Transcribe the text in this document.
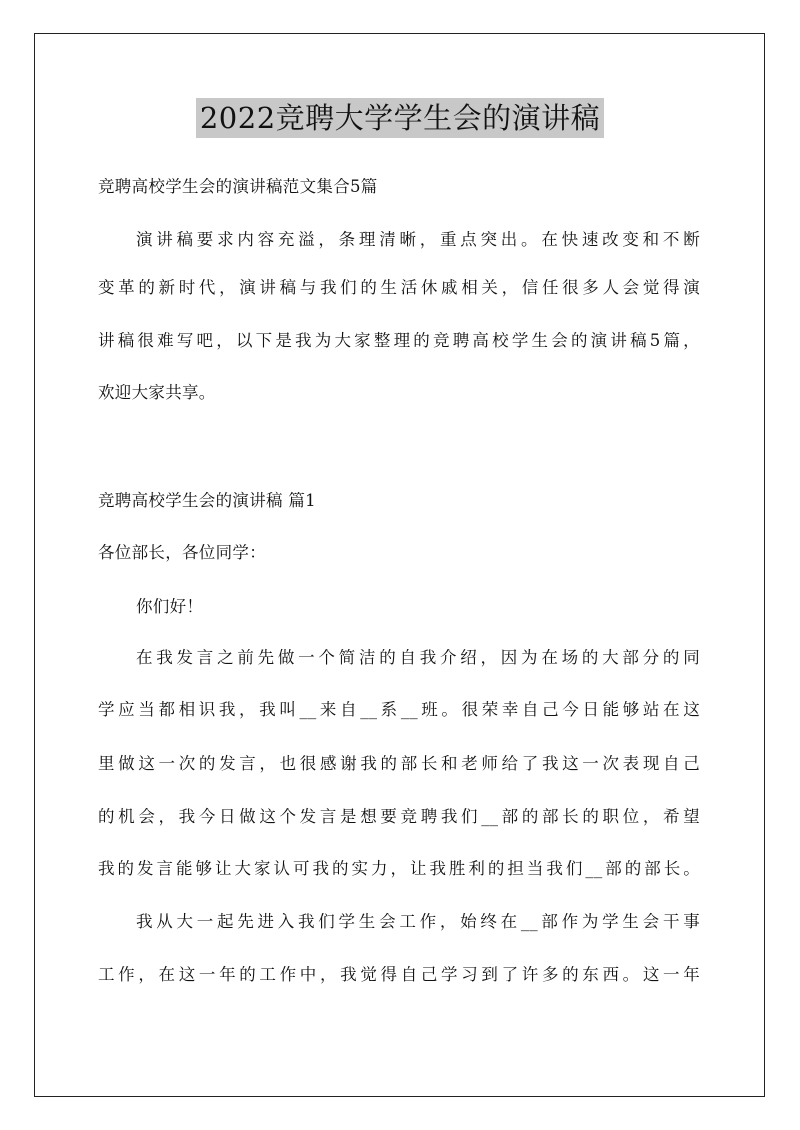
2022竞聘大学学生会的演讲稿
竞聘高校学生会的演讲稿范文集合5篇
演讲稿要求内容充溢，条理清晰，重点突出。在快速改变和不断
变革的新时代，演讲稿与我们的生活休戚相关，信任很多人会觉得演
讲稿很难写吧，以下是我为大家整理的竞聘高校学生会的演讲稿5篇，
欢迎大家共享。
竞聘高校学生会的演讲稿 篇1
各位部长，各位同学：
你们好！
在我发言之前先做一个简洁的自我介绍，因为在场的大部分的同
学应当都相识我，我叫__来自__系__班。很荣幸自己今日能够站在这
里做这一次的发言，也很感谢我的部长和老师给了我这一次表现自己
的机会，我今日做这个发言是想要竞聘我们__部的部长的职位，希望
我的发言能够让大家认可我的实力，让我胜利的担当我们__部的部长。
我从大一起先进入我们学生会工作，始终在__部作为学生会干事
工作，在这一年的工作中，我觉得自己学习到了许多的东西。这一年
